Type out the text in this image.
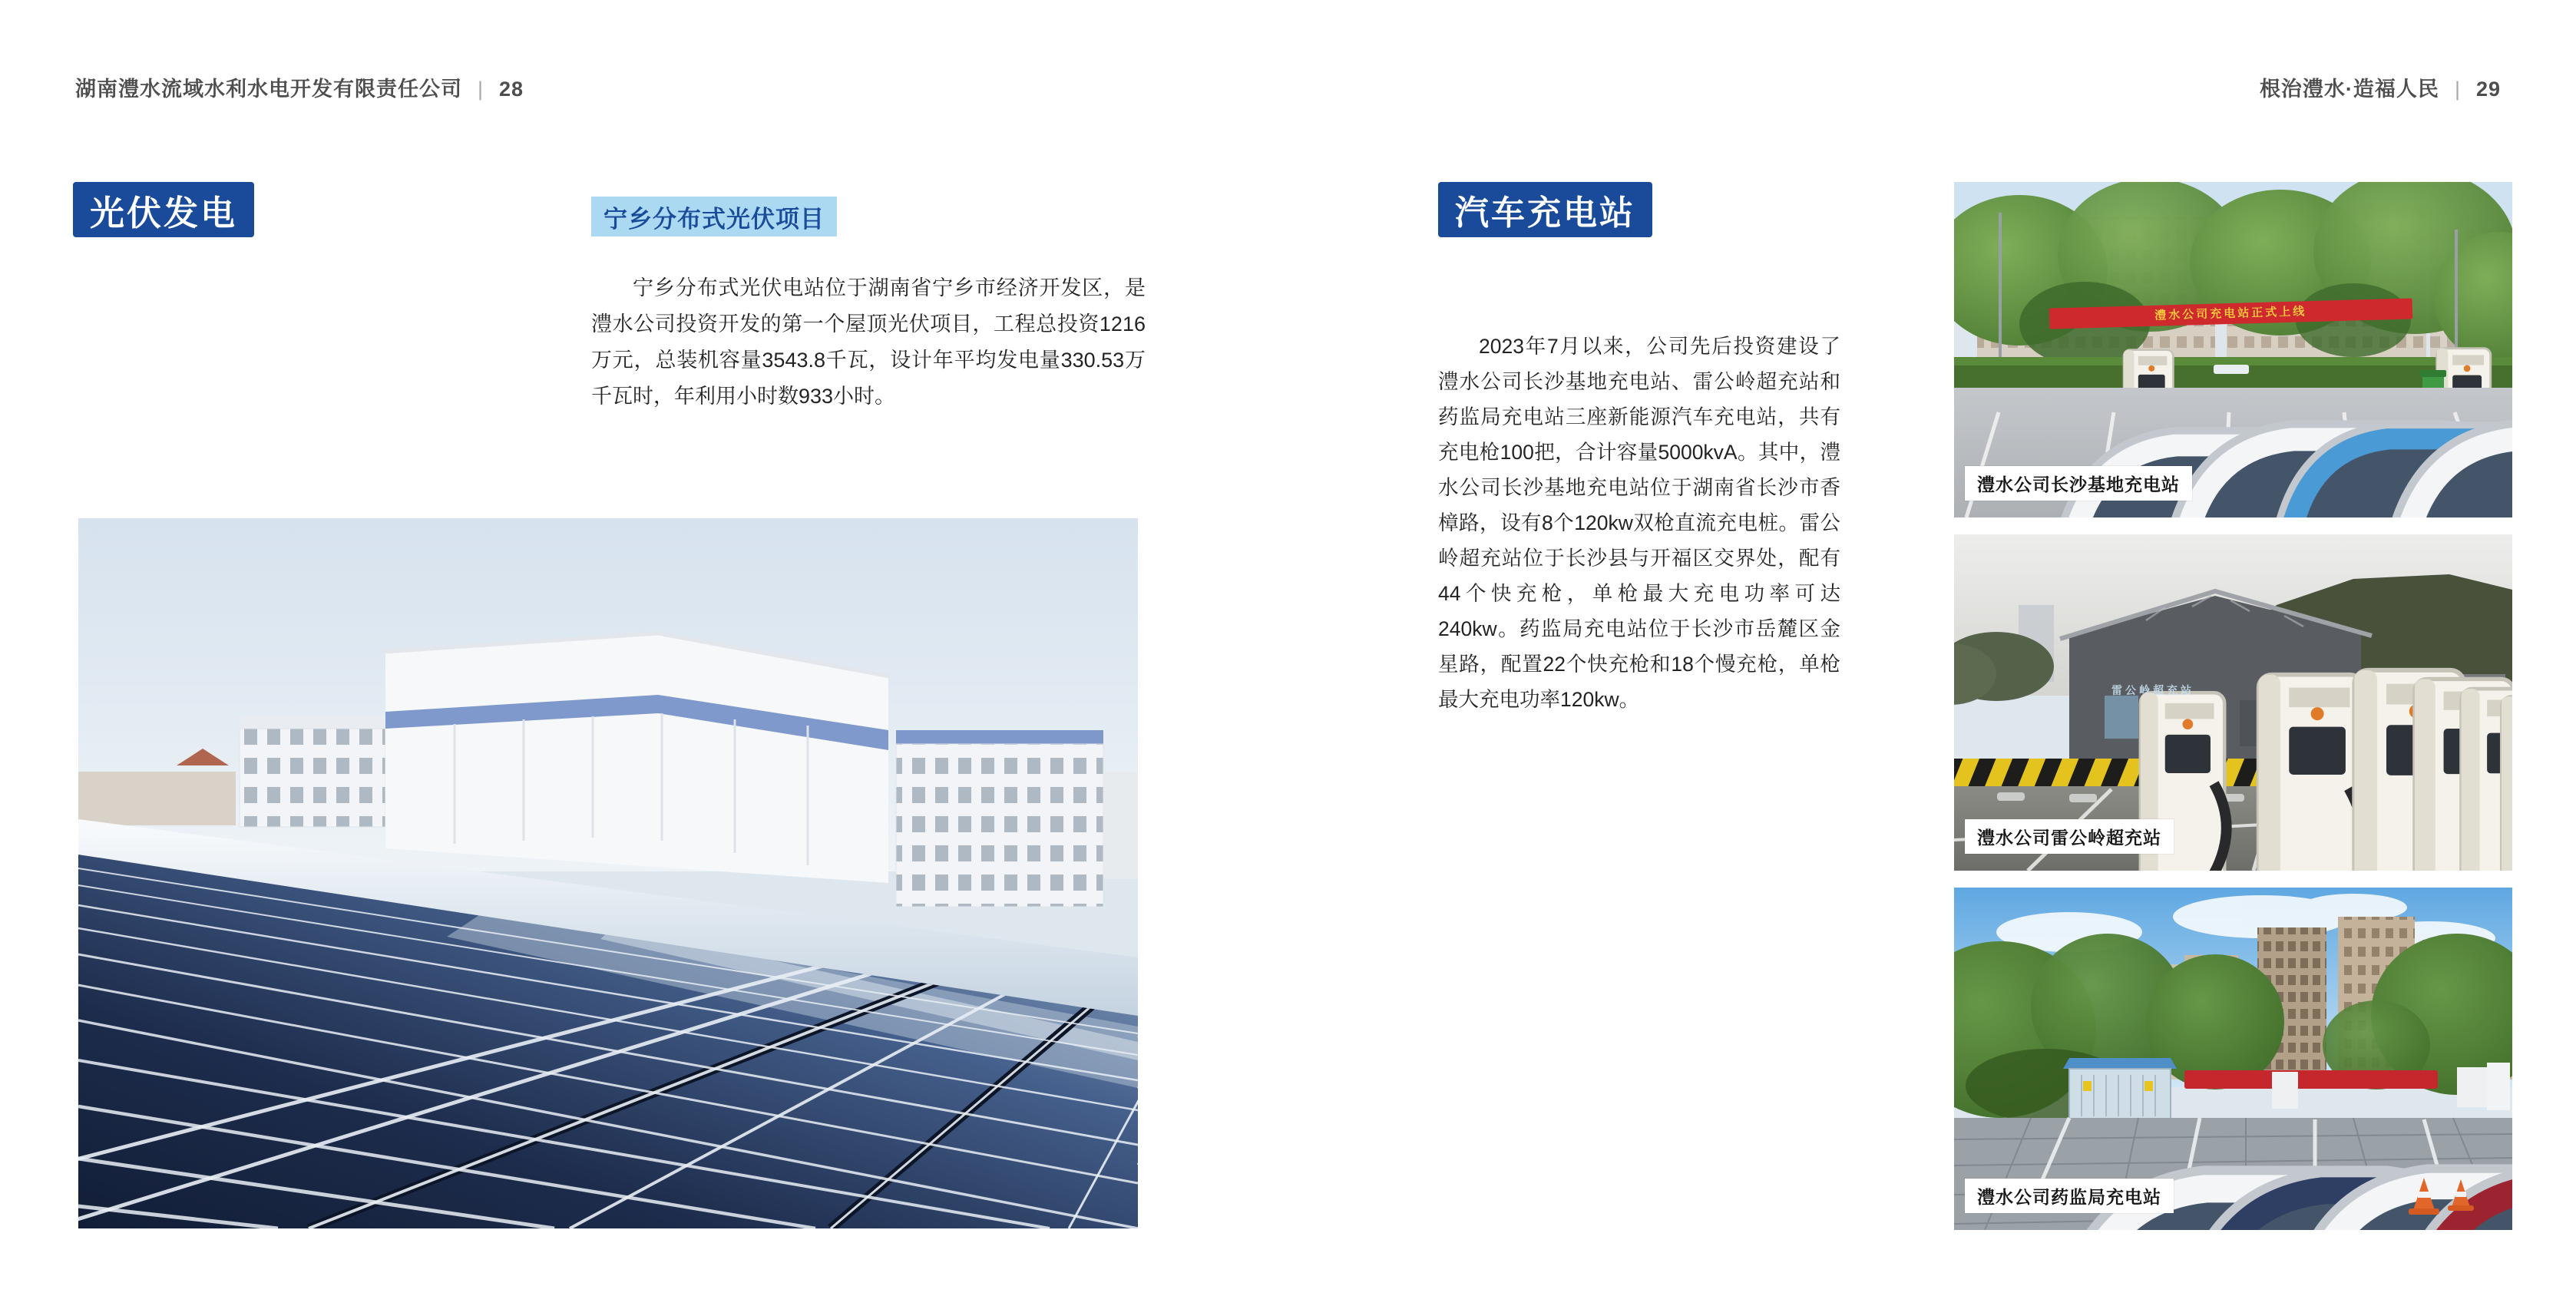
湖南澧水流域水利水电开发有限责任公司 | 28	根治澧水·造福人民 | 29
光伏发电	宁乡分布式光伏项目
宁乡分布式光伏电站位于湖南省宁乡市经济开发区，是澧水公司投资开发的第一个屋顶光伏项目，工程总投资1216万元，总装机容量3543.8千瓦，设计年平均发电量330.53万千瓦时，年利用小时数933小时。
汽车充电站
2023年7月以来，公司先后投资建设了澧水公司长沙基地充电站、雷公岭超充站和药监局充电站三座新能源汽车充电站，共有充电枪100把，合计容量5000kvA。其中，澧水公司长沙基地充电站位于湖南省长沙市香樟路，设有8个120kw双枪直流充电桩。雷公岭超充站位于长沙县与开福区交界处，配有44个快充枪，单枪最大充电功率可达240kw。药监局充电站位于长沙市岳麓区金星路，配置22个快充枪和18个慢充枪，单枪最大充电功率120kw。
澧水公司充电站正式上线
澧水公司长沙基地充电站
雷公岭超充站
澧水公司雷公岭超充站
澧水公司药监局充电站
